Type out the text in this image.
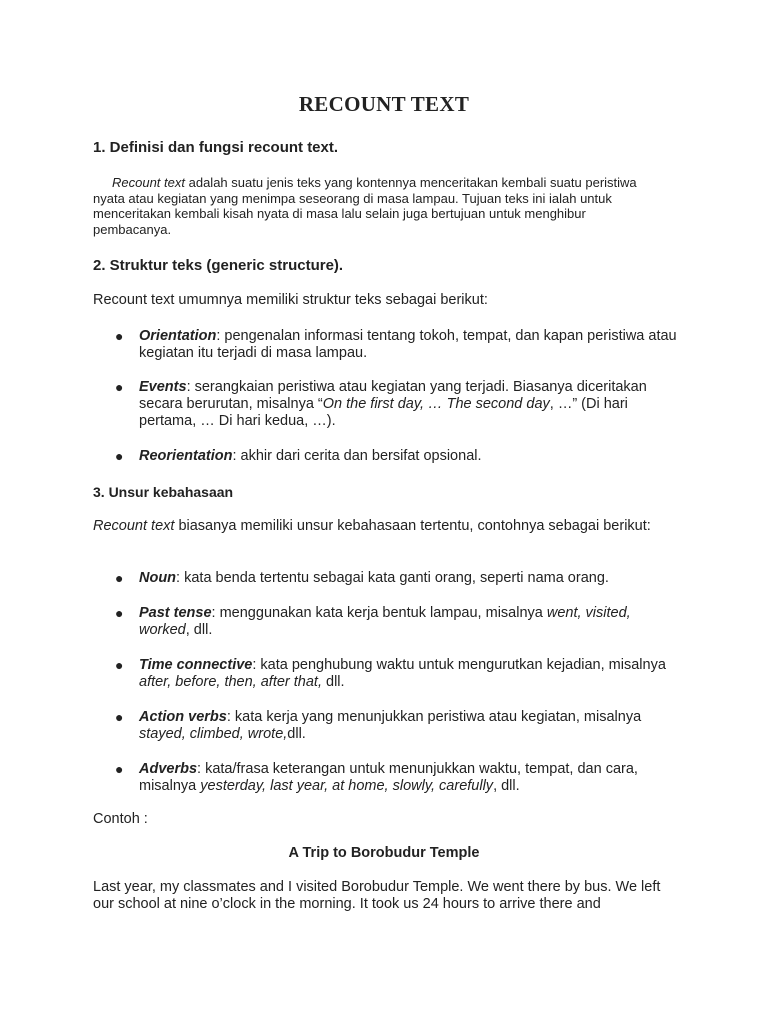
RECOUNT TEXT
1. Definisi dan fungsi recount text.
Recount text adalah suatu jenis teks yang kontennya menceritakan kembali suatu peristiwa nyata atau kegiatan yang menimpa seseorang di masa lampau. Tujuan teks ini ialah untuk menceritakan kembali kisah nyata di masa lalu selain juga bertujuan untuk menghibur pembacanya.
2. Struktur teks (generic structure).
Recount text umumnya memiliki struktur teks sebagai berikut:
● Orientation: pengenalan informasi tentang tokoh, tempat, dan kapan peristiwa atau kegiatan itu terjadi di masa lampau.
● Events: serangkaian peristiwa atau kegiatan yang terjadi. Biasanya diceritakan secara berurutan, misalnya “On the first day, … The second day, …” (Di hari pertama, … Di hari kedua, …).
● Reorientation: akhir dari cerita dan bersifat opsional.
3. Unsur kebahasaan
Recount text biasanya memiliki unsur kebahasaan tertentu, contohnya sebagai berikut:
● Noun: kata benda tertentu sebagai kata ganti orang, seperti nama orang.
● Past tense: menggunakan kata kerja bentuk lampau, misalnya went, visited, worked, dll.
● Time connective: kata penghubung waktu untuk mengurutkan kejadian, misalnya after, before, then, after that, dll.
● Action verbs: kata kerja yang menunjukkan peristiwa atau kegiatan, misalnya stayed, climbed, wrote,dll.
● Adverbs: kata/frasa keterangan untuk menunjukkan waktu, tempat, dan cara, misalnya yesterday, last year, at home, slowly, carefully, dll.
Contoh :
A Trip to Borobudur Temple
Last year, my classmates and I visited Borobudur Temple. We went there by bus. We left our school at nine o’clock in the morning. It took us 24 hours to arrive there and
